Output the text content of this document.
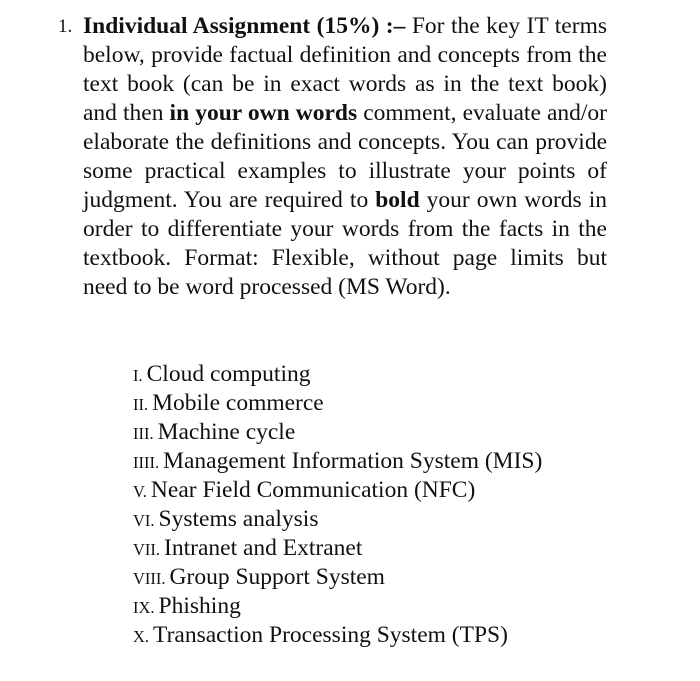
1. Individual Assignment (15%) :– For the key IT terms below, provide factual definition and concepts from the text book (can be in exact words as in the text book) and then in your own words comment, evaluate and/or elaborate the definitions and concepts. You can provide some practical examples to illustrate your points of judgment. You are required to bold your own words in order to differentiate your words from the facts in the textbook. Format: Flexible, without page limits but need to be word processed (MS Word).

I. Cloud computing
II. Mobile commerce
III. Machine cycle
IIII. Management Information System (MIS)
V. Near Field Communication (NFC)
VI. Systems analysis
VII. Intranet and Extranet
VIII. Group Support System
IX. Phishing
X. Transaction Processing System (TPS)
